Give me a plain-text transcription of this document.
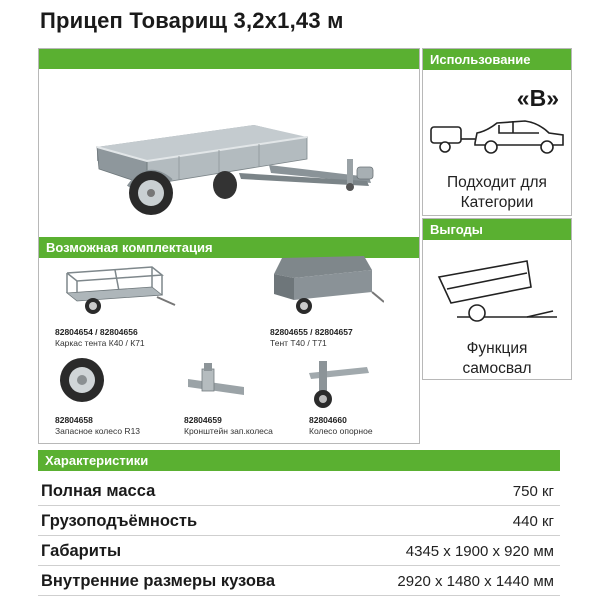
Прицеп Товарищ 3,2х1,43 м
Возможная комплектация
82804654 / 82804656
Каркас тента К40 / К71
82804655 / 82804657
Тент Т40 / Т71
82804658
Запасное колесо R13
82804659
Кронштейн зап.колеса
82804660
Колесо опорное
Использование
«B»
Подходит для
Категории
Выгоды
Функция
самосвал
Характеристики
Полная масса	750 кг
Грузоподъёмность	440 кг
Габариты	4345 х 1900 х 920 мм
Внутренние размеры кузова	2920 х 1480 х 1440 мм
